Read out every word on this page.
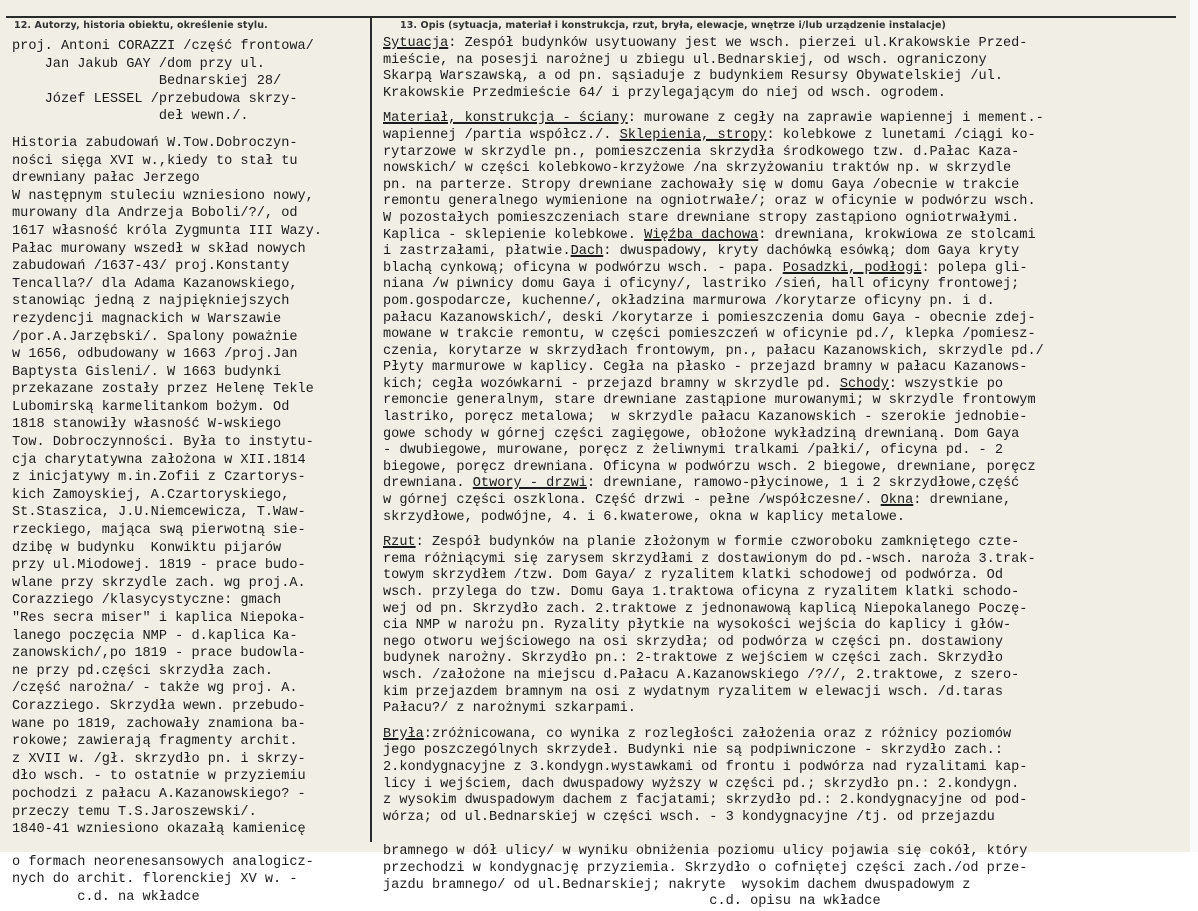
12. Autorzy, historia obiektu, określenie stylu.	13. Opis (sytuacja, materiał i konstrukcja, rzut, bryła, elewacje, wnętrze i/lub urządzenie instalacje)
proj. Antoni CORAZZI /część frontowa/
Jan Jakub GAY /dom przy ul.
Bednarskiej 28/
Józef LESSEL /przebudowa skrzy-
deł wewn./.
Historia zabudowań W.Tow.Dobroczyn-
ności sięga XVI w.,kiedy to stał tu
drewniany pałac Jerzego
W następnym stuleciu wzniesiono nowy,
murowany dla Andrzeja Boboli/?/, od
1617 własność króla Zygmunta III Wazy.
Pałac murowany wszedł w skład nowych
zabudowań /1637-43/ proj.Konstanty
Tencalla?/ dla Adama Kazanowskiego,
stanowiąc jedną z najpiękniejszych
rezydencji magnackich w Warszawie
/por.A.Jarzębski/. Spalony poważnie
w 1656, odbudowany w 1663 /proj.Jan
Baptysta Gisleni/. W 1663 budynki
przekazane zostały przez Helenę Tekle
Lubomirską karmelitankom bożym. Od
1818 stanowiły własność W-wskiego
Tow. Dobroczynności. Była to instytu-
cja charytatywna założona w XII.1814
z inicjatywy m.in.Zofii z Czartorys-
kich Zamoyskiej, A.Czartoryskiego,
St.Staszica, J.U.Niemcewicza, T.Waw-
rzeckiego, mająca swą pierwotną sie-
dzibę w budynku  Konwiktu pijarów
przy ul.Miodowej. 1819 - prace budo-
wlane przy skrzydle zach. wg proj.A.
Corazziego /klasycystyczne: gmach
"Res secra miser" i kaplica Niepoka-
lanego poczęcia NMP - d.kaplica Ka-
zanowskich/,po 1819 - prace budowla-
ne przy pd.części skrzydła zach.
/część narożna/ - także wg proj. A.
Corazziego. Skrzydła wewn. przebudo-
wane po 1819, zachowały znamiona ba-
rokowe; zawierają fragmenty archit.
z XVII w. /gł. skrzydło pn. i skrzy-
dło wsch. - to ostatnie w przyziemiu
pochodzi z pałacu A.Kazanowskiego? -
przeczy temu T.S.Jaroszewski/.
1840-41 wzniesiono okazałą kamienicę
o formach neorenesansowych analogicz-
nych do archit. florenckiej XV w. -
c.d. na wkładce
Sytuacja: Zespół budynków usytuowany jest we wsch. pierzei ul.Krakowskie Przed-
mieście, na posesji narożnej u zbiegu ul.Bednarskiej, od wsch. ograniczony
Skarpą Warszawską, a od pn. sąsiaduje z budynkiem Resursy Obywatelskiej /ul.
Krakowskie Przedmieście 64/ i przylegającym do niej od wsch. ogrodem.
Materiał, konstrukcja - ściany: murowane z cegły na zaprawie wapiennej i mement.-
wapiennej /partia współcz./. Sklepienia, stropy: kolebkowe z lunetami /ciągi ko-
rytarzowe w skrzydle pn., pomieszczenia skrzydła środkowego tzw. d.Pałac Kaza-
nowskich/ w części kolebkowo-krzyżowe /na skrzyżowaniu traktów np. w skrzydle
pn. na parterze. Stropy drewniane zachowały się w domu Gaya /obecnie w trakcie
remontu generalnego wymienione na ogniotrwałe/; oraz w oficynie w podwórzu wsch.
W pozostałych pomieszczeniach stare drewniane stropy zastąpiono ogniotrwałymi.
Kaplica - sklepienie kolebkowe. Więźba dachowa: drewniana, krokwiowa ze stolcami
i zastrzałami, płatwie.Dach: dwuspadowy, kryty dachówką esówką; dom Gaya kryty
blachą cynkową; oficyna w podwórzu wsch. - papa. Posadzki, podłogi: polepa gli-
niana /w piwnicy domu Gaya i oficyny/, lastriko /sień, hall oficyny frontowej;
pom.gospodarcze, kuchenne/, okładzina marmurowa /korytarze oficyny pn. i d.
pałacu Kazanowskich/, deski /korytarze i pomieszczenia domu Gaya - obecnie zdej-
mowane w trakcie remontu, w części pomieszczeń w oficynie pd./, klepka /pomiesz-
czenia, korytarze w skrzydłach frontowym, pn., pałacu Kazanowskich, skrzydle pd./
Płyty marmurowe w kaplicy. Cegła na płasko - przejazd bramny w pałacu Kazanows-
kich; cegła wozówkarni - przejazd bramny w skrzydle pd. Schody: wszystkie po
remoncie generalnym, stare drewniane zastąpione murowanymi; w skrzydle frontowym
lastriko, poręcz metalowa;  w skrzydle pałacu Kazanowskich - szerokie jednobie-
gowe schody w górnej części zagięgowe, obłożone wykładziną drewnianą. Dom Gaya
- dwubiegowe, murowane, poręcz z żeliwnymi tralkami /pałki/, oficyna pd. - 2
biegowe, poręcz drewniana. Oficyna w podwórzu wsch. 2 biegowe, drewniane, poręcz
drewniana. Otwory - drzwi: drewniane, ramowo-płycinowe, 1 i 2 skrzydłowe,część
w górnej części oszklona. Część drzwi - pełne /współczesne/. Okna: drewniane,
skrzydłowe, podwójne, 4. i 6.kwaterowe, okna w kaplicy metalowe.
Rzut: Zespół budynków na planie złożonym w formie czworoboku zamkniętego czte-
rema różniącymi się zarysem skrzydłami z dostawionym do pd.-wsch. naroża 3.trak-
towym skrzydłem /tzw. Dom Gaya/ z ryzalitem klatki schodowej od podwórza. Od
wsch. przylega do tzw. Domu Gaya 1.traktowa oficyna z ryzalitem klatki schodo-
wej od pn. Skrzydło zach. 2.traktowe z jednonawową kaplicą Niepokalanego Poczę-
cia NMP w narożu pn. Ryzality płytkie na wysokości wejścia do kaplicy i głów-
nego otworu wejściowego na osi skrzydła; od podwórza w części pn. dostawiony
budynek narożny. Skrzydło pn.: 2-traktowe z wejściem w części zach. Skrzydło
wsch. /założone na miejscu d.Pałacu A.Kazanowskiego /?//, 2.traktowe, z szero-
kim przejazdem bramnym na osi z wydatnym ryzalitem w elewacji wsch. /d.taras
Pałacu?/ z narożnymi szkarpami.
Bryła:zróżnicowana, co wynika z rozległości założenia oraz z różnicy poziomów
jego poszczególnych skrzydeł. Budynki nie są podpiwniczone - skrzydło zach.:
2.kondygnacyjne z 3.kondygn.wystawkami od frontu i podwórza nad ryzalitami kap-
licy i wejściem, dach dwuspadowy wyższy w części pd.; skrzydło pn.: 2.kondygn.
z wysokim dwuspadowym dachem z facjatami; skrzydło pd.: 2.kondygnacyjne od pod-
wórza; od ul.Bednarskiej w części wsch. - 3 kondygnacyjne /tj. od przejazdu
bramnego w dół ulicy/ w wyniku obniżenia poziomu ulicy pojawia się cokół, który
przechodzi w kondygnację przyziemia. Skrzydło o cofniętej części zach./od prze-
jazdu bramnego/ od ul.Bednarskiej; nakryte  wysokim dachem dwuspadowym z
c.d. opisu na wkładce
